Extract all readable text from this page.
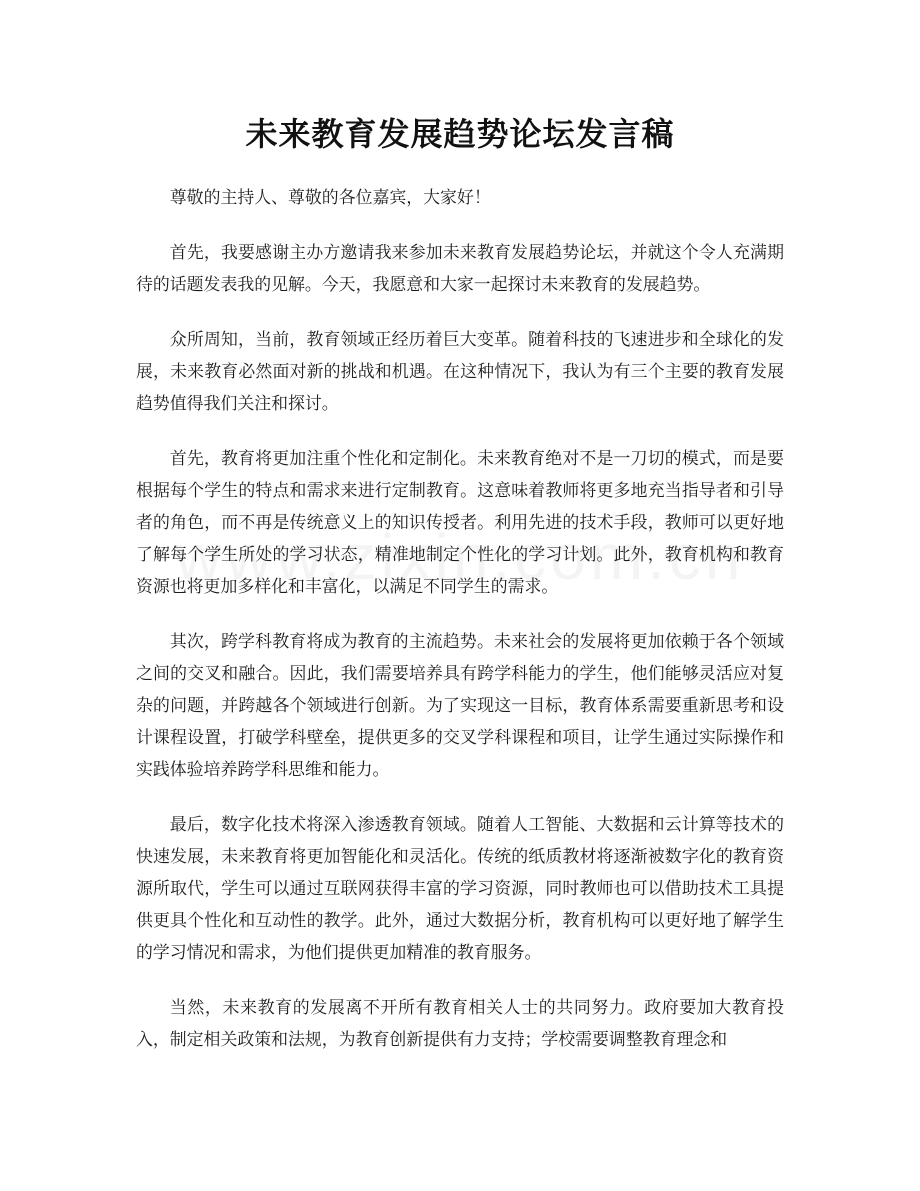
未来教育发展趋势论坛发言稿

尊敬的主持人、尊敬的各位嘉宾，大家好！

首先，我要感谢主办方邀请我来参加未来教育发展趋势论坛，并就这个令人充满期待的话题发表我的见解。今天，我愿意和大家一起探讨未来教育的发展趋势。

众所周知，当前，教育领域正经历着巨大变革。随着科技的飞速进步和全球化的发展，未来教育必然面对新的挑战和机遇。在这种情况下，我认为有三个主要的教育发展趋势值得我们关注和探讨。

首先，教育将更加注重个性化和定制化。未来教育绝对不是一刀切的模式，而是要根据每个学生的特点和需求来进行定制教育。这意味着教师将更多地充当指导者和引导者的角色，而不再是传统意义上的知识传授者。利用先进的技术手段，教师可以更好地了解每个学生所处的学习状态，精准地制定个性化的学习计划。此外，教育机构和教育资源也将更加多样化和丰富化，以满足不同学生的需求。

其次，跨学科教育将成为教育的主流趋势。未来社会的发展将更加依赖于各个领域之间的交叉和融合。因此，我们需要培养具有跨学科能力的学生，他们能够灵活应对复杂的问题，并跨越各个领域进行创新。为了实现这一目标，教育体系需要重新思考和设计课程设置，打破学科壁垒，提供更多的交叉学科课程和项目，让学生通过实际操作和实践体验培养跨学科思维和能力。

最后，数字化技术将深入渗透教育领域。随着人工智能、大数据和云计算等技术的快速发展，未来教育将更加智能化和灵活化。传统的纸质教材将逐渐被数字化的教育资源所取代，学生可以通过互联网获得丰富的学习资源，同时教师也可以借助技术工具提供更具个性化和互动性的教学。此外，通过大数据分析，教育机构可以更好地了解学生的学习情况和需求，为他们提供更加精准的教育服务。

当然，未来教育的发展离不开所有教育相关人士的共同努力。政府要加大教育投入，制定相关政策和法规，为教育创新提供有力支持；学校需要调整教育理念和
